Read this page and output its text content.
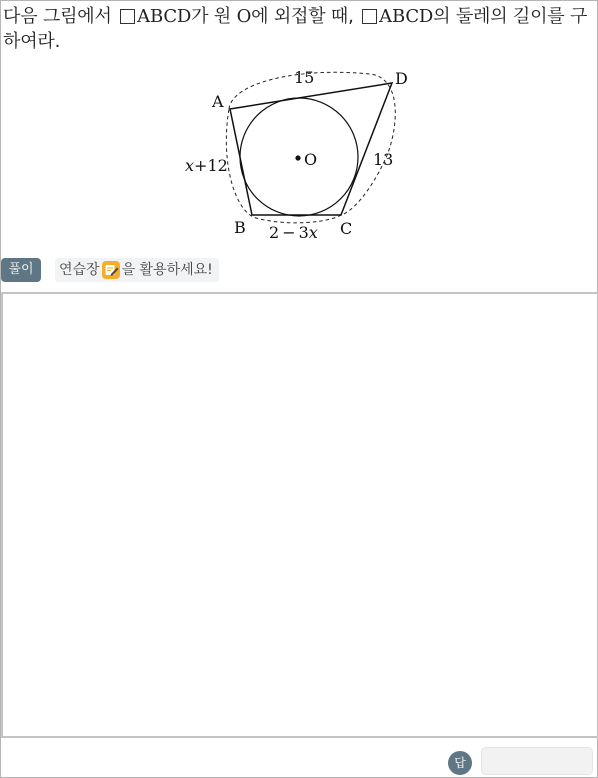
다음 그림에서 ABCD가 원 O에 외접할 때, ABCD의 둘레의 길이를 구하여라.
O
A
D
B	C
15
13
x+12
2 − 3x
풀이	연습장 을 활용하세요!
답
